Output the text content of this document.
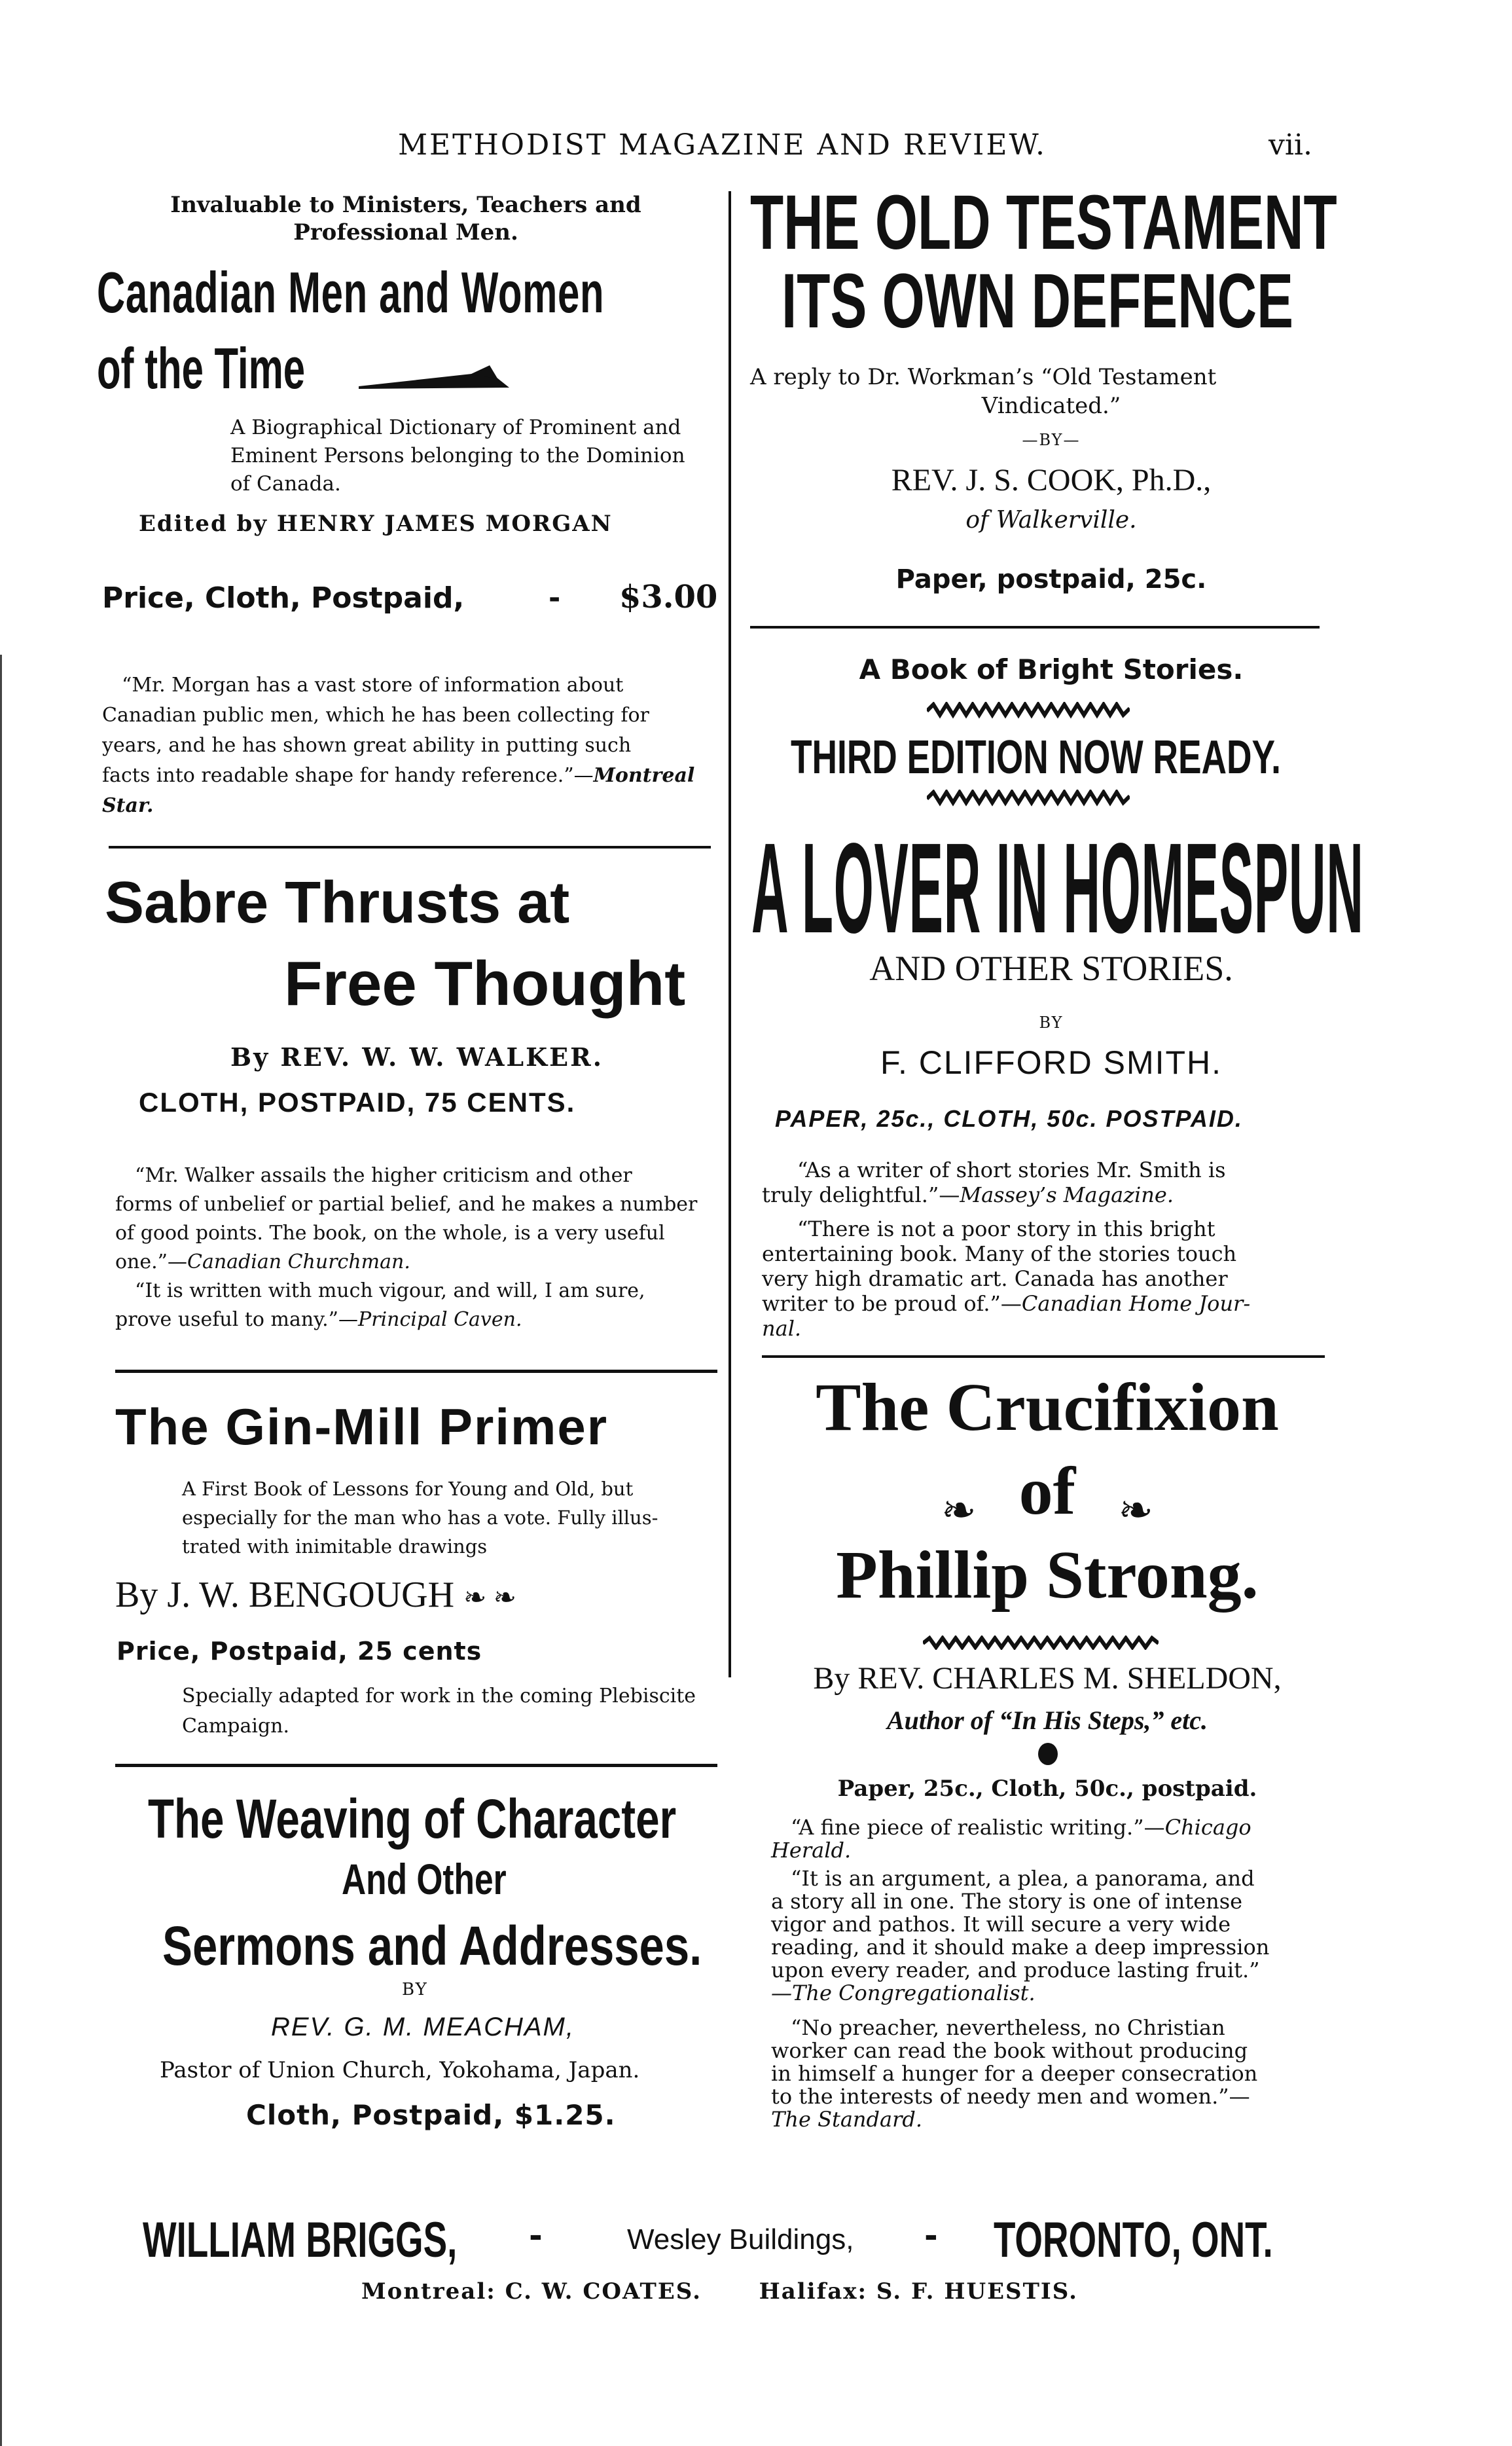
METHODIST MAGAZINE AND REVIEW.	vii.
Invaluable to Ministers, Teachers and
Professional Men.
Canadian Men and Women
of the Time
A Biographical Dictionary of Prominent and
Eminent Persons belonging to the Dominion
of Canada.
Edited by HENRY JAMES MORGAN
Price, Cloth, Postpaid,	- $3.00
“Mr. Morgan has a vast store of information about
Canadian public men, which he has been collecting for
years, and he has shown great ability in putting such
facts into readable shape for handy reference.”—Montreal
Star.
Sabre Thrusts at
Free Thought
By REV. W. W. WALKER.
CLOTH, POSTPAID, 75 CENTS.
“Mr. Walker assails the higher criticism and other
forms of unbelief or partial belief, and he makes a number
of good points. The book, on the whole, is a very useful
one.”—Canadian Churchman.
“It is written with much vigour, and will, I am sure,
prove useful to many.”—Principal Caven.
The Gin-Mill Primer
A First Book of Lessons for Young and Old, but
especially for the man who has a vote. Fully illus-
trated with inimitable drawings
By J. W. BENGOUGH ❧ ❧
Price, Postpaid, 25 cents
Specially adapted for work in the coming Plebiscite
Campaign.
The Weaving of Character
And Other
Sermons and Addresses.
BY
REV. G. M. MEACHAM,
Pastor of Union Church, Yokohama, Japan.
Cloth, Postpaid, $1.25.
THE OLD TESTAMENT
ITS OWN DEFENCE
A reply to Dr. Workman’s “Old Testament
Vindicated.”
—BY—
REV. J. S. COOK, Ph.D.,
of Walkerville.
Paper, postpaid, 25c.
A Book of Bright Stories.
THIRD EDITION NOW READY.
A LOVER IN HOMESPUN
AND OTHER STORIES.
BY
F. CLIFFORD SMITH.
PAPER, 25c., CLOTH, 50c. POSTPAID.
“As a writer of short stories Mr. Smith is
truly delightful.”—Massey’s Magazine.
“There is not a poor story in this bright
entertaining book. Many of the stories touch
very high dramatic art. Canada has another
writer to be proud of.”—Canadian Home Jour-
nal.
The Crucifixion
❧ of ❧
Phillip Strong.
By REV. CHARLES M. SHELDON,
Author of “In His Steps,” etc.
Paper, 25c., Cloth, 50c., postpaid.
“A fine piece of realistic writing.”—Chicago
Herald.
“It is an argument, a plea, a panorama, and
a story all in one. The story is one of intense
vigor and pathos. It will secure a very wide
reading, and it should make a deep impression
upon every reader, and produce lasting fruit.”
—The Congregationalist.
“No preacher, nevertheless, no Christian
worker can read the book without producing
in himself a hunger for a deeper consecration
to the interests of needy men and women.”—
The Standard.
WILLIAM BRIGGS, -	Wesley Buildings, - TORONTO, ONT.
Montreal: C. W. COATES.	Halifax: S. F. HUESTIS.
